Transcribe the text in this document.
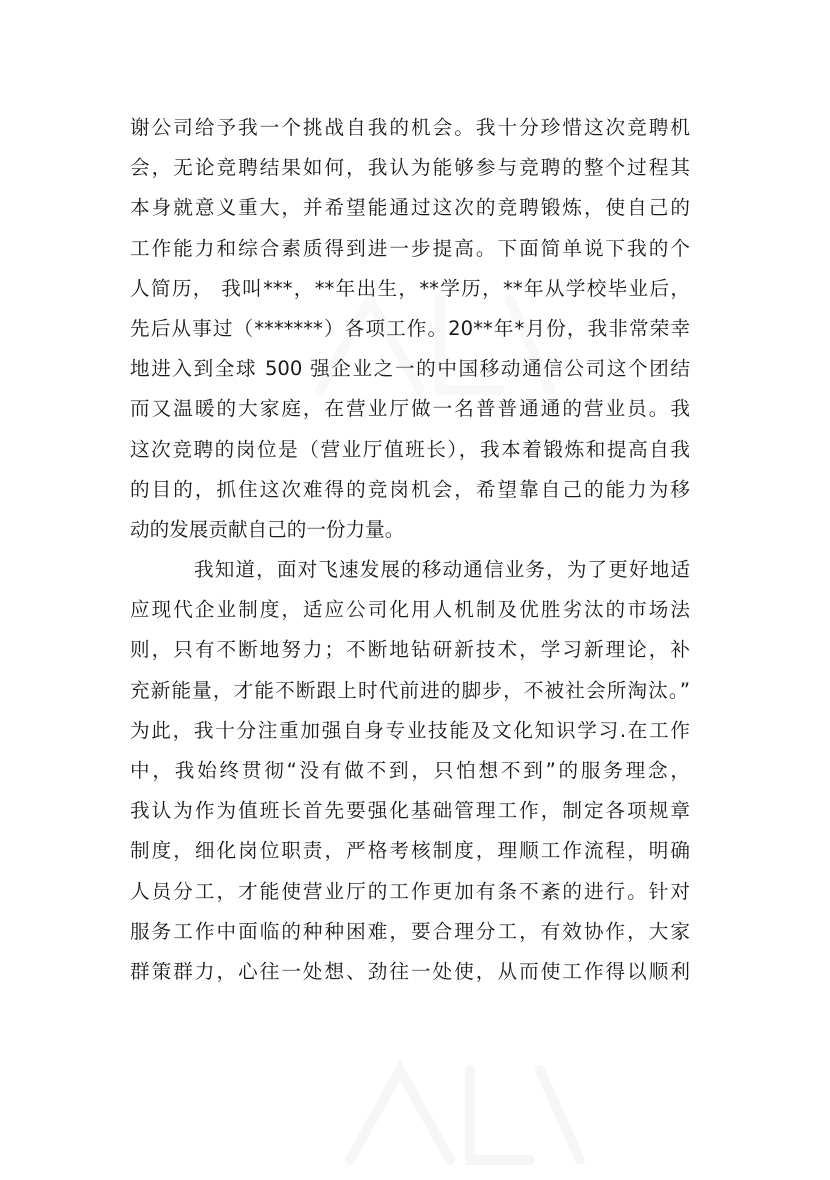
谢公司给予我一个挑战自我的机会。我十分珍惜这次竞聘机
会，无论竞聘结果如何，我认为能够参与竞聘的整个过程其
本身就意义重大，并希望能通过这次的竞聘锻炼，使自己的
工作能力和综合素质得到进一步提高。下面简单说下我的个
人简历， 我叫***，**年出生，**学历，**年从学校毕业后，
先后从事过（*******）各项工作。20**年*月份，我非常荣幸
地进入到全球 500 强企业之一的中国移动通信公司这个团结
而又温暖的大家庭，在营业厅做一名普普通通的营业员。我
这次竞聘的岗位是（营业厅值班长），我本着锻炼和提高自我
的目的，抓住这次难得的竞岗机会，希望靠自己的能力为移
动的发展贡献自己的一份力量。
我知道，面对飞速发展的移动通信业务，为了更好地适
应现代企业制度，适应公司化用人机制及优胜劣汰的市场法
则，只有不断地努力；不断地钻研新技术，学习新理论，补
充新能量，才能不断跟上时代前进的脚步，不被社会所淘汰。”
为此，我十分注重加强自身专业技能及文化知识学习.在工作
中，我始终贯彻“没有做不到，只怕想不到”的服务理念，
我认为作为值班长首先要强化基础管理工作，制定各项规章
制度，细化岗位职责，严格考核制度，理顺工作流程，明确
人员分工，才能使营业厅的工作更加有条不紊的进行。针对
服务工作中面临的种种困难，要合理分工，有效协作，大家
群策群力，心往一处想、劲往一处使，从而使工作得以顺利
